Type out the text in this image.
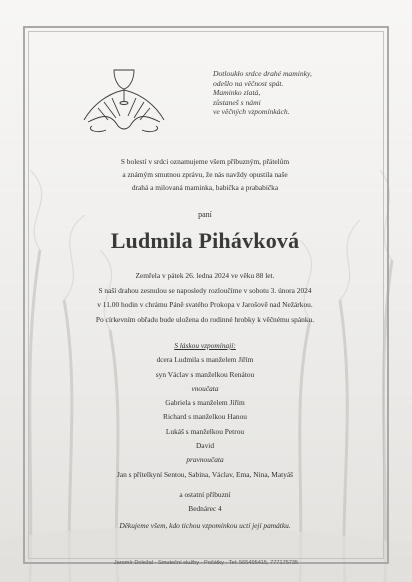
Dotloukło srdce drahé maminky,
odešlo na věčnost spát.
Maminko zlatá,
zůstaneš s námi
ve věčných vzpomínkách.
S bolestí v srdci oznamujeme všem příbuzným, přátelům
a známým smutnou zprávu, že nás navždy opustila naše
drahá a milovaná maminka, babička a prababička
paní
Ludmila Pihávková
Zemřela v pátek 26. ledna 2024 ve věku 88 let.
S naší drahou zesnulou se naposledy rozloučíme v sobotu 3. února 2024
v 11.00 hodin v chrámu Páně svatého Prokopa v Jarošově nad Nežárkou.
Po církevním obřadu bude uložena do rodinné hrobky k věčnému spánku.
S láskou vzpomínají:
dcera Ludmila s manželem Jiřím
syn Václav s manželkou Renátou
vnoučata
Gabriela s manželem Jiřím
Richard s manželkou Hanou
Lukáš s manželkou Petrou
David
pravnoučata
Jan s přítelkyní Sentou, Sabina, Václav, Ema, Nina, Matyáš
a ostatní příbuzní
Bednárec 4
Děkujeme všem, kdo tichou vzpomínkou uctí její památku.
Jaromír Doležal - Smuteční služby - Počátky - Tel: 565495415, 777175735
